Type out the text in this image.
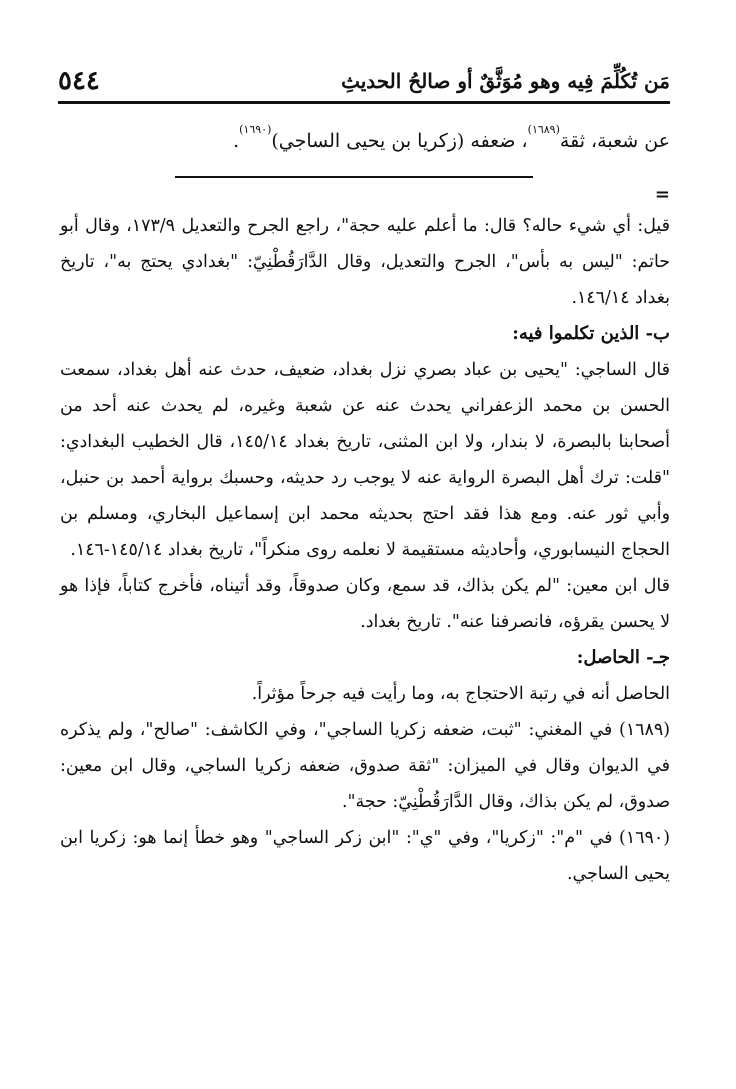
مَن تُكُلِّمَ فِيه وهو مُوَثَّقٌ أو صالحُ الحديثِ
٥٤٤
عن شعبة، ثقة$^{(١٦٨٩)}$، ضعفه (زكريا بن يحيى الساجي)$^{(١٦٩٠)}$.
=

قيل: أي شيء حاله؟ قال: ما أعلم عليه حجة"، راجع الجرح والتعديل ١٧٣/٩، وقال أبو حاتم: "ليس به بأس"، الجرح والتعديل، وقال الدَّارَقُطْنِيّ: "بغدادي يحتج به"، تاريخ بغداد ١٤٦/١٤.

ب- الذين تكلموا فيه:

قال الساجي: "يحيى بن عباد بصري نزل بغداد، ضعيف، حدث عنه أهل بغداد، سمعت الحسن بن محمد الزعفراني يحدث عنه عن شعبة وغيره، لم يحدث عنه أحد من أصحابنا بالبصرة، لا بندار، ولا ابن المثنى، تاريخ بغداد ١٤٥/١٤، قال الخطيب البغدادي: "قلت: ترك أهل البصرة الرواية عنه لا يوجب رد حديثه، وحسبك برواية أحمد بن حنبل، وأبي ثور عنه. ومع هذا فقد احتج بحديثه محمد ابن إسماعيل البخاري، ومسلم بن الحجاج النيسابوري، وأحاديثه مستقيمة لا نعلمه روى منكراً"، تاريخ بغداد ١٤٥/١٤-١٤٦.

قال ابن معين: "لم يكن بذاك، قد سمع، وكان صدوقاً، وقد أتيناه، فأخرج كتاباً، فإذا هو لا يحسن يقرؤه، فانصرفنا عنه". تاريخ بغداد.

جـ- الحاصل:

الحاصل أنه في رتبة الاحتجاج به، وما رأيت فيه جرحاً مؤثراً.

(١٦٨٩) في المغني: "ثبت، ضعفه زكريا الساجي"، وفي الكاشف: "صالح"، ولم يذكره في الديوان وقال في الميزان: "ثقة صدوق، ضعفه زكريا الساجي، وقال ابن معين: صدوق، لم يكن بذاك، وقال الدَّارَقُطْنِيّ: حجة".

(١٦٩٠) في "م": "زكريا"، وفي "ي": "ابن زكر الساجي" وهو خطأ إنما هو: زكريا ابن يحيى الساجي.
